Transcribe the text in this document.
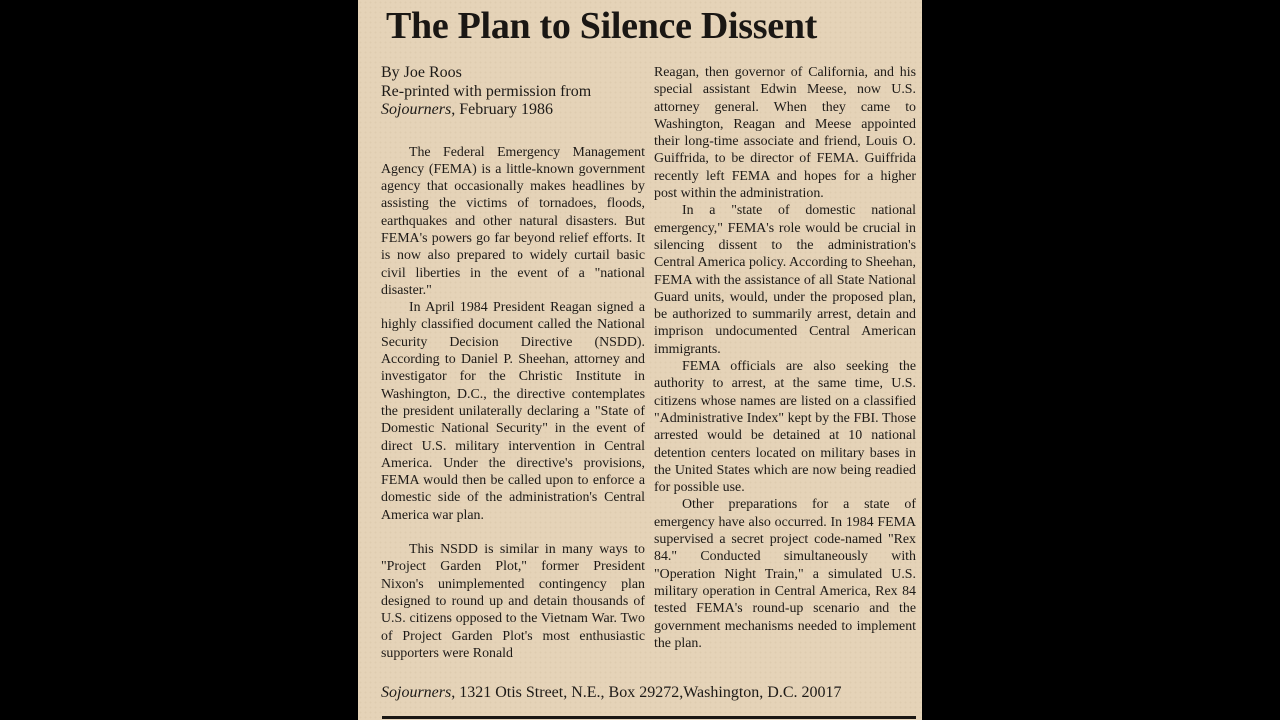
The Plan to Silence Dissent
By Joe Roos
Re-printed with permission from
Sojourners, February 1986

The Federal Emergency Management Agency (FEMA) is a little-known government agency that occasionally makes headlines by assisting the victims of tornadoes, floods, earthquakes and other natural disasters. But FEMA's powers go far beyond relief efforts. It is now also prepared to widely curtail basic civil liberties in the event of a "national disaster."

In April 1984 President Reagan signed a highly classified document called the National Security Decision Directive (NSDD). According to Daniel P. Sheehan, attorney and investigator for the Christic Institute in Washington, D.C., the directive contemplates the president unilaterally declaring a "State of Domestic National Security" in the event of direct U.S. military intervention in Central America. Under the directive's provisions, FEMA would then be called upon to enforce a domestic side of the administration's Central America war plan.

This NSDD is similar in many ways to "Project Garden Plot," former President Nixon's unimplemented contingency plan designed to round up and detain thousands of U.S. citizens opposed to the Vietnam War. Two of Project Garden Plot's most enthusiastic supporters were Ronald

Reagan, then governor of California, and his special assistant Edwin Meese, now U.S. attorney general. When they came to Washington, Reagan and Meese appointed their long-time associate and friend, Louis O. Guiffrida, to be director of FEMA. Guiffrida recently left FEMA and hopes for a higher post within the administration.

In a "state of domestic national emergency," FEMA's role would be crucial in silencing dissent to the administration's Central America policy. According to Sheehan, FEMA with the assistance of all State National Guard units, would, under the proposed plan, be authorized to summarily arrest, detain and imprison undocumented Central American immigrants.

FEMA officials are also seeking the authority to arrest, at the same time, U.S. citizens whose names are listed on a classified "Administrative Index" kept by the FBI. Those arrested would be detained at 10 national detention centers located on military bases in the United States which are now being readied for possible use.

Other preparations for a state of emergency have also occurred. In 1984 FEMA supervised a secret project code-named "Rex 84." Conducted simultaneously with "Operation Night Train," a simulated U.S. military operation in Central America, Rex 84 tested FEMA's round-up scenario and the government mechanisms needed to implement the plan.

Sojourners, 1321 Otis Street, N.E., Box 29272,Washington, D.C. 20017
